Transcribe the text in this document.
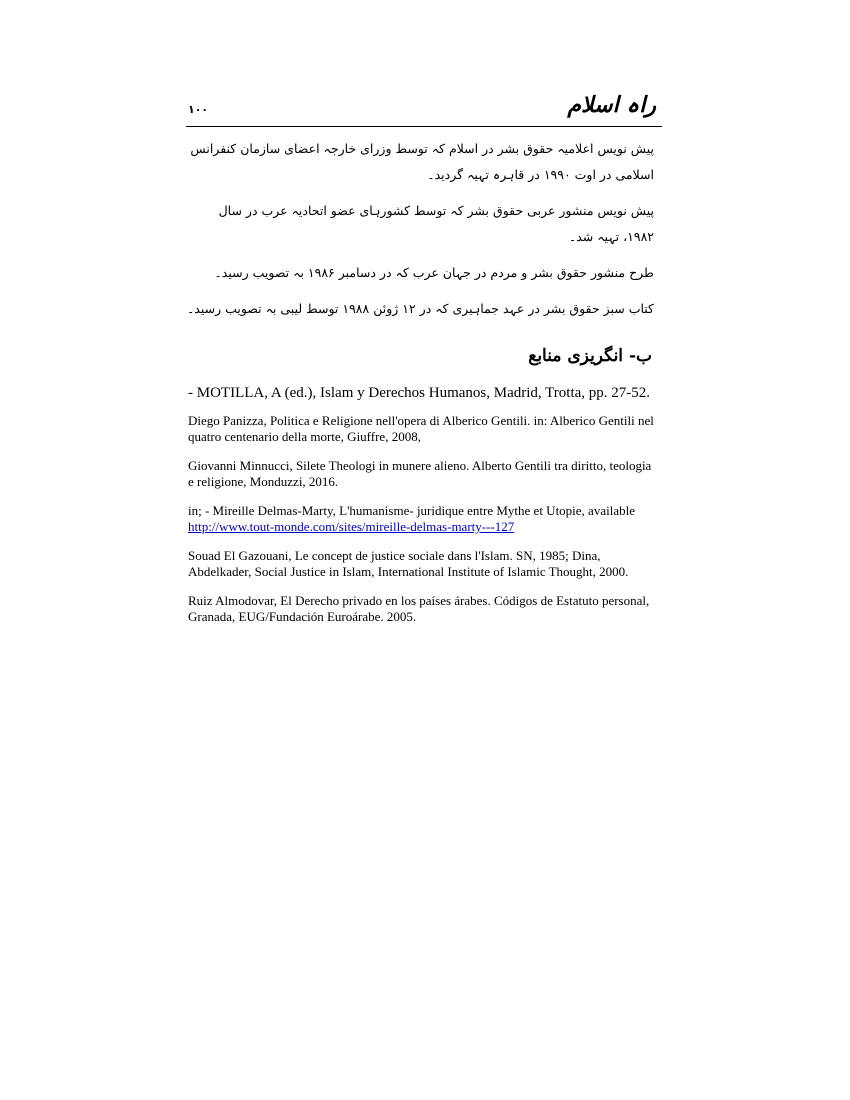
۱۰۰	راہ اسلام

پیش نویس اعلامیہ حقوق بشر در اسلام کہ توسط وزرای خارجہ اعضای سازمان کنفرانس اسلامی در اوت ۱۹۹۰ در قاہرہ تہیہ گردید۔

پیش نویس منشور عربی حقوق بشر کہ توسط کشورہای عضو اتحادیہ عرب در سال ۱۹۸۲، تہیہ شد۔

طرح منشور حقوق بشر و مردم در جہان عرب کہ در دسامبر ۱۹۸۶ بہ تصویب رسید۔

کتاب سبز حقوق بشر در عہد جماہیری کہ در ۱۲ ژوئن ۱۹۸۸ توسط لیبی بہ تصویب رسید۔

ب- انگریزی منابع

- MOTILLA, A (ed.), Islam y Derechos Humanos, Madrid, Trotta, pp. 27-52.

Diego Panizza, Politica e Religione nell'opera di Alberico Gentili. in: Alberico Gentili nel quatro centenario della morte, Giuffre, 2008,

Giovanni Minnucci, Silete Theologi in munere alieno. Alberto Gentili tra diritto, teologia e religione, Monduzzi, 2016.

in; - Mireille Delmas-Marty, L'humanisme- juridique entre Mythe et Utopie, available
http://www.tout-monde.com/sites/mireille-delmas-marty---127

Souad El Gazouani, Le concept de justice sociale dans l'Islam. SN, 1985; Dina, Abdelkader, Social Justice in Islam, International Institute of Islamic Thought, 2000.

Ruiz Almodovar, El Derecho privado en los países árabes. Códigos de Estatuto personal, Granada, EUG/Fundación Euroárabe. 2005.
